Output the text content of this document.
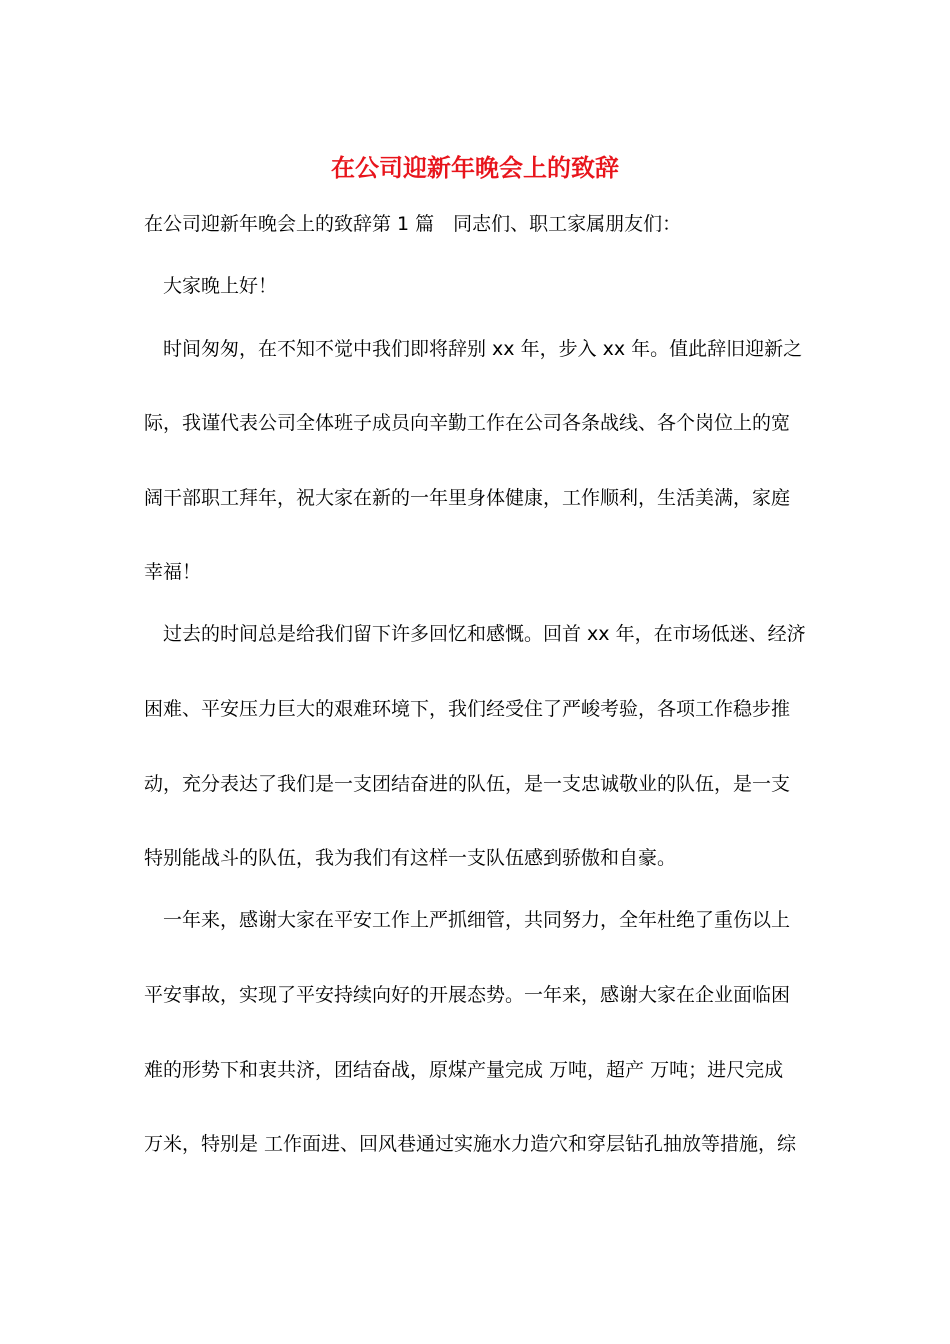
在公司迎新年晚会上的致辞
在公司迎新年晚会上的致辞第 1 篇　同志们、职工家属朋友们：
大家晚上好！
时间匆匆，在不知不觉中我们即将辞别 xx 年，步入 xx 年。值此辞旧迎新之
际，我谨代表公司全体班子成员向辛勤工作在公司各条战线、各个岗位上的宽
阔干部职工拜年，祝大家在新的一年里身体健康，工作顺利，生活美满，家庭
幸福！
过去的时间总是给我们留下许多回忆和感慨。回首 xx 年，在市场低迷、经济
困难、平安压力巨大的艰难环境下，我们经受住了严峻考验，各项工作稳步推
动，充分表达了我们是一支团结奋进的队伍，是一支忠诚敬业的队伍，是一支
特别能战斗的队伍，我为我们有这样一支队伍感到骄傲和自豪。
一年来，感谢大家在平安工作上严抓细管，共同努力，全年杜绝了重伤以上
平安事故，实现了平安持续向好的开展态势。一年来，感谢大家在企业面临困
难的形势下和衷共济，团结奋战，原煤产量完成 万吨，超产 万吨；进尺完成
万米，特别是 工作面进、回风巷通过实施水力造穴和穿层钻孔抽放等措施，综
